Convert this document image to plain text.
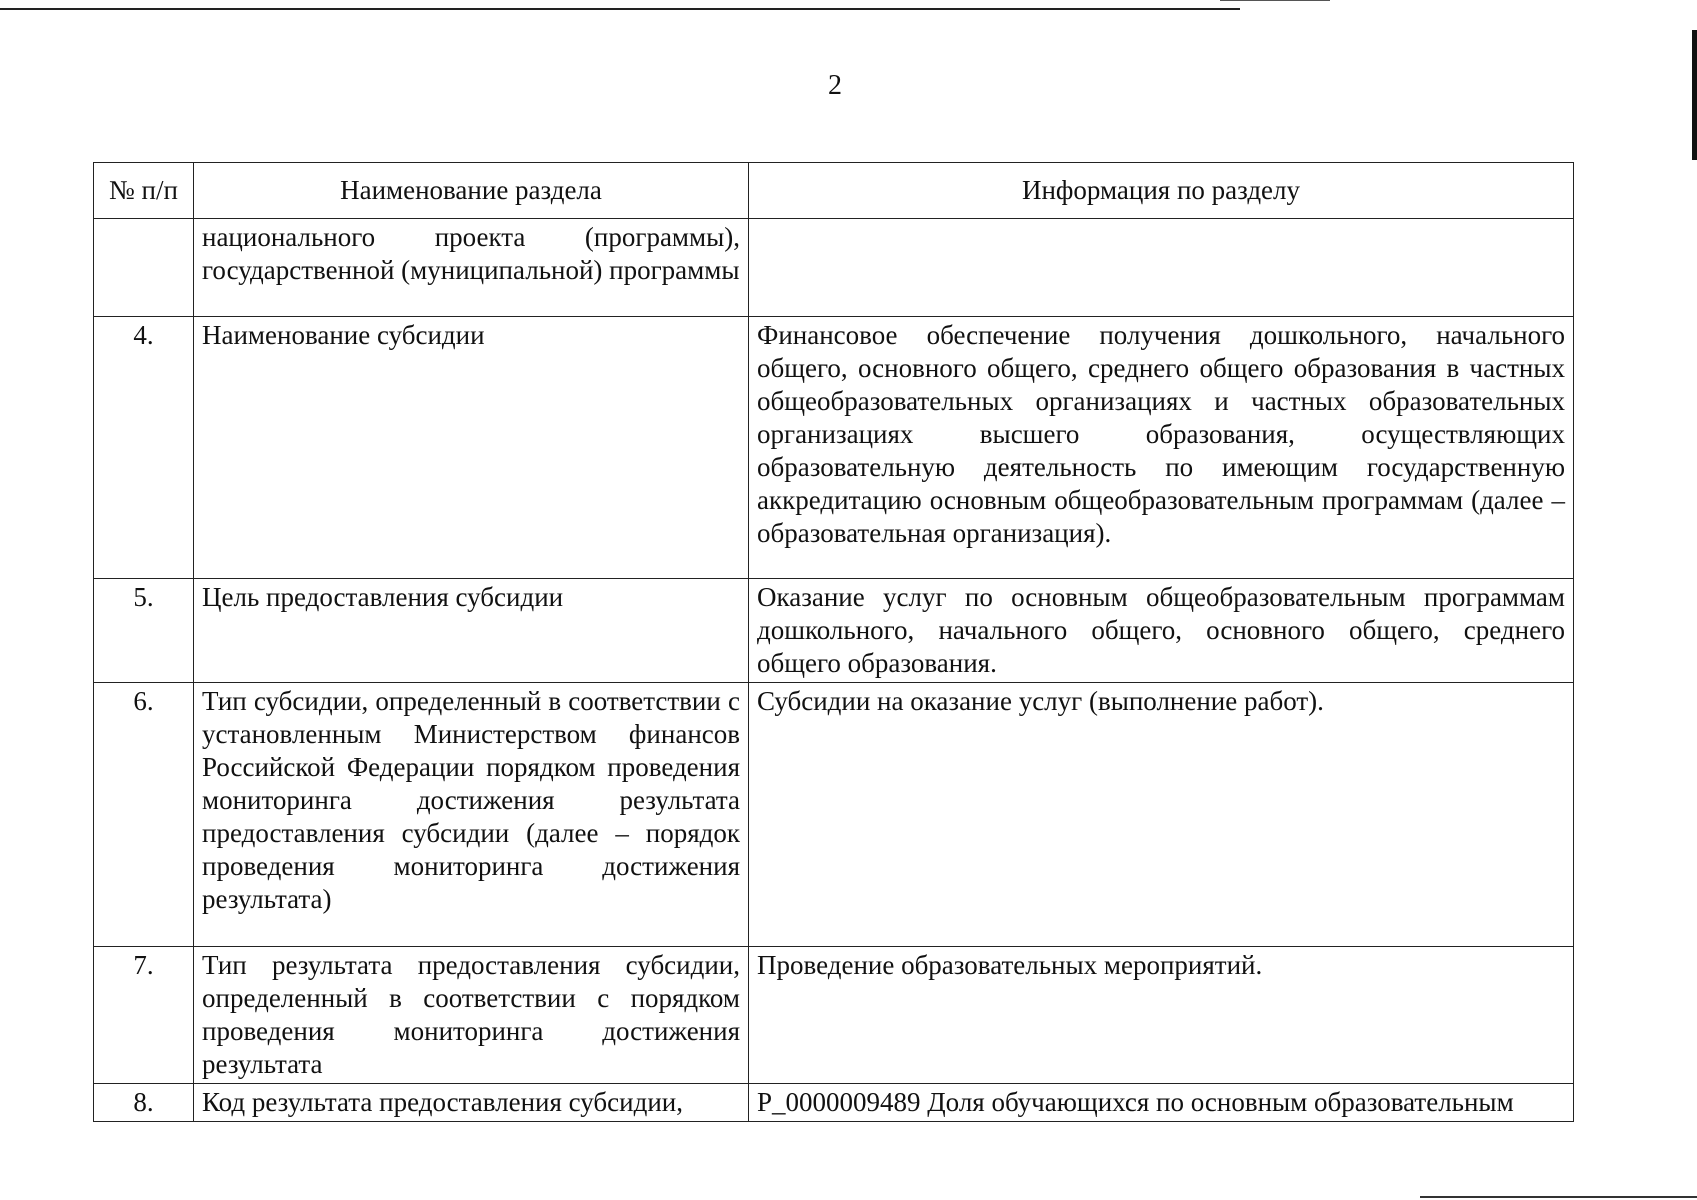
2
№ п/п	Наименование раздела	Информация по разделу
	национального проекта (программы), государственной (муниципальной) программы	
4.	Наименование субсидии	Финансовое обеспечение получения дошкольного, начального общего, основного общего, среднего общего образования в частных общеобразовательных организациях и частных образовательных организациях высшего образования, осуществляющих образовательную деятельность по имеющим государственную аккредитацию основным общеобразовательным программам (далее – образовательная организация).
5.	Цель предоставления субсидии	Оказание услуг по основным общеобразовательным программам дошкольного, начального общего, основного общего, среднего общего образования.
6.	Тип субсидии, определенный в соответствии с установленным Министерством финансов Российской Федерации порядком проведения мониторинга достижения результата предоставления субсидии (далее – порядок проведения мониторинга достижения результата)	Субсидии на оказание услуг (выполнение работ).
7.	Тип результата предоставления субсидии, определенный в соответствии с порядком проведения мониторинга достижения результата	Проведение образовательных мероприятий.
8.	Код результата предоставления субсидии,	P_0000009489 Доля обучающихся по основным образовательным
